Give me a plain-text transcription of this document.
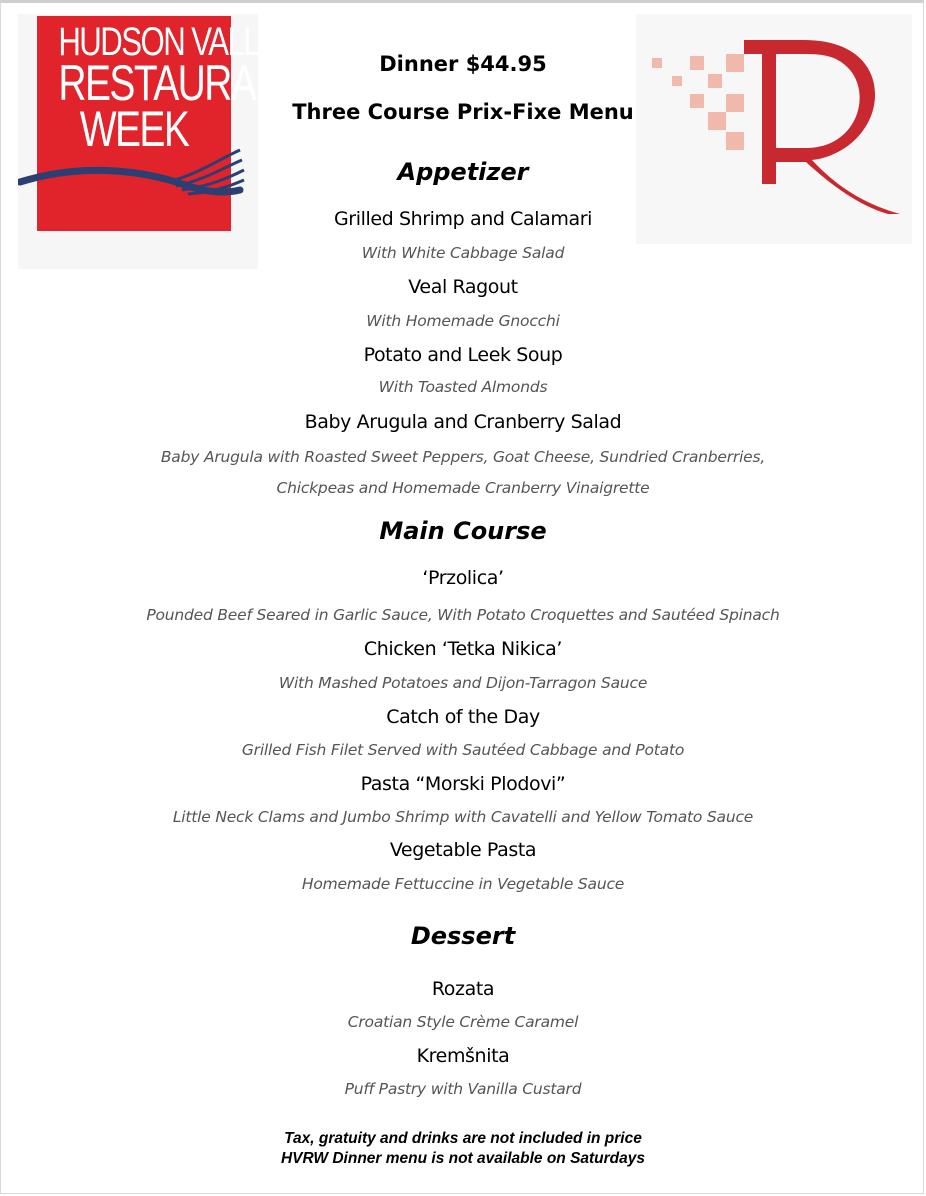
HUDSON VALLEY
RESTAURANT
WEEK
Dinner $44.95
Three Course Prix-Fixe Menu
Appetizer
Grilled Shrimp and Calamari
With White Cabbage Salad
Veal Ragout
With Homemade Gnocchi
Potato and Leek Soup
With Toasted Almonds
Baby Arugula and Cranberry Salad
Baby Arugula with Roasted Sweet Peppers, Goat Cheese, Sundried Cranberries,
Chickpeas and Homemade Cranberry Vinaigrette
Main Course
‘Przolica’
Pounded Beef Seared in Garlic Sauce, With Potato Croquettes and Sautéed Spinach
Chicken ‘Tetka Nikica’
With Mashed Potatoes and Dijon-Tarragon Sauce
Catch of the Day
Grilled Fish Filet Served with Sautéed Cabbage and Potato
Pasta “Morski Plodovi”
Little Neck Clams and Jumbo Shrimp with Cavatelli and Yellow Tomato Sauce
Vegetable Pasta
Homemade Fettuccine in Vegetable Sauce
Dessert
Rozata
Croatian Style Crème Caramel
Kremšnita
Puff Pastry with Vanilla Custard
Tax, gratuity and drinks are not included in price
HVRW Dinner menu is not available on Saturdays
